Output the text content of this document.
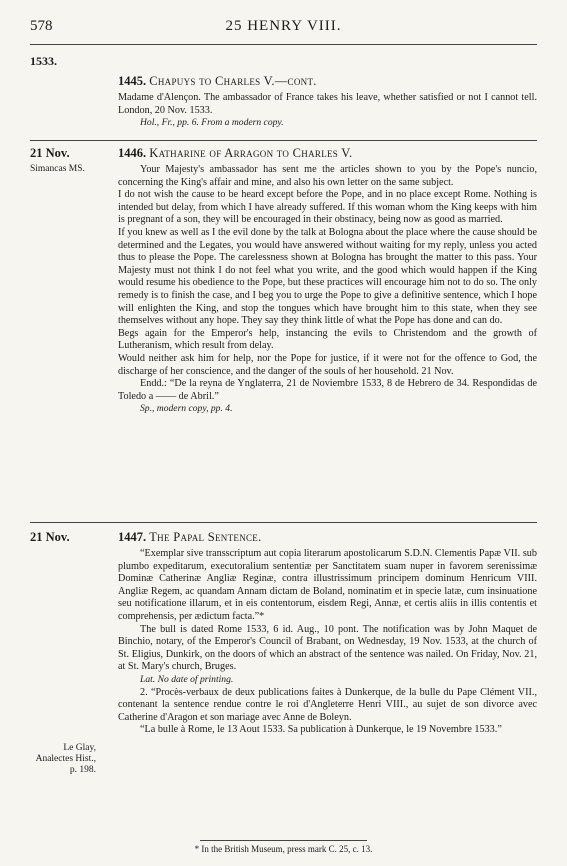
578	25 HENRY VIII.
1533.
1445. Chapuys to Charles V.—cont.

Madame d'Alençon. The ambassador of France takes his leave, whether satisfied or not I cannot tell. London, 20 Nov. 1533.

Hol., Fr., pp. 6. From a modern copy.

21 Nov.
Simancas MS.
1446. Katharine of Arragon to Charles V.

Your Majesty's ambassador has sent me the articles shown to you by the Pope's nuncio, concerning the King's affair and mine, and also his own letter on the same subject.

I do not wish the cause to be heard except before the Pope, and in no place except Rome. Nothing is intended but delay, from which I have already suffered. If this woman whom the King keeps with him is pregnant of a son, they will be encouraged in their obstinacy, being now as good as married.

If you knew as well as I the evil done by the talk at Bologna about the place where the cause should be determined and the Legates, you would have answered without waiting for my reply, unless you acted thus to please the Pope. The carelessness shown at Bologna has brought the matter to this pass. Your Majesty must not think I do not feel what you write, and the good which would happen if the King would resume his obedience to the Pope, but these practices will encourage him not to do so. The only remedy is to finish the case, and I beg you to urge the Pope to give a definitive sentence, which I hope will enlighten the King, and stop the tongues which have brought him to this state, when they see themselves without any hope. They say they think little of what the Pope has done and can do.

Begs again for the Emperor's help, instancing the evils to Christendom and the growth of Lutheranism, which result from delay.

Would neither ask him for help, nor the Pope for justice, if it were not for the offence to God, the discharge of her conscience, and the danger of the souls of her household. 21 Nov.

Endd.: “De la reyna de Ynglaterra, 21 de Noviembre 1533, 8 de Hebrero de 34. Respondidas de Toledo a —— de Abril.”

Sp., modern copy, pp. 4.

21 Nov.	1447. The Papal Sentence.

“Exemplar sive transscriptum aut copia literarum apostolicarum S.D.N. Clementis Papæ VII. sub plumbo expeditarum, executoralium sententiæ per Sanctitatem suam nuper in favorem serenissimæ Dominæ Catherinæ Angliæ Reginæ, contra illustrissimum principem dominum Henricum VIII. Angliæ Regem, ac quandam Annam dictam de Boland, nominatim et in specie latæ, cum insinuatione seu notificatione illarum, et in eis contentorum, eisdem Regi, Annæ, et certis aliis in illis contentis et comprehensis, per ædictum facta.”*

The bull is dated Rome 1533, 6 id. Aug., 10 pont. The notification was by John Maquet de Binchio, notary, of the Emperor's Council of Brabant, on Wednesday, 19 Nov. 1533, at the church of St. Eligius, Dunkirk, on the doors of which an abstract of the sentence was nailed. On Friday, Nov. 21, at St. Mary's church, Bruges.

Lat. No date of printing.

2. “Procès-verbaux de deux publications faites à Dunkerque, de la bulle du Pape Clément VII., contenant la sentence rendue contre le roi d'Angleterre Henri VIII., au sujet de son divorce avec Catherine d'Aragon et son mariage avec Anne de Boleyn.

“La bulle à Rome, le 13 Aout 1533. Sa publication à Dunkerque, le 19 Novembre 1533.”

Le Glay, Analectes Hist., p. 198.
* In the British Museum, press mark C. 25, c. 13.
